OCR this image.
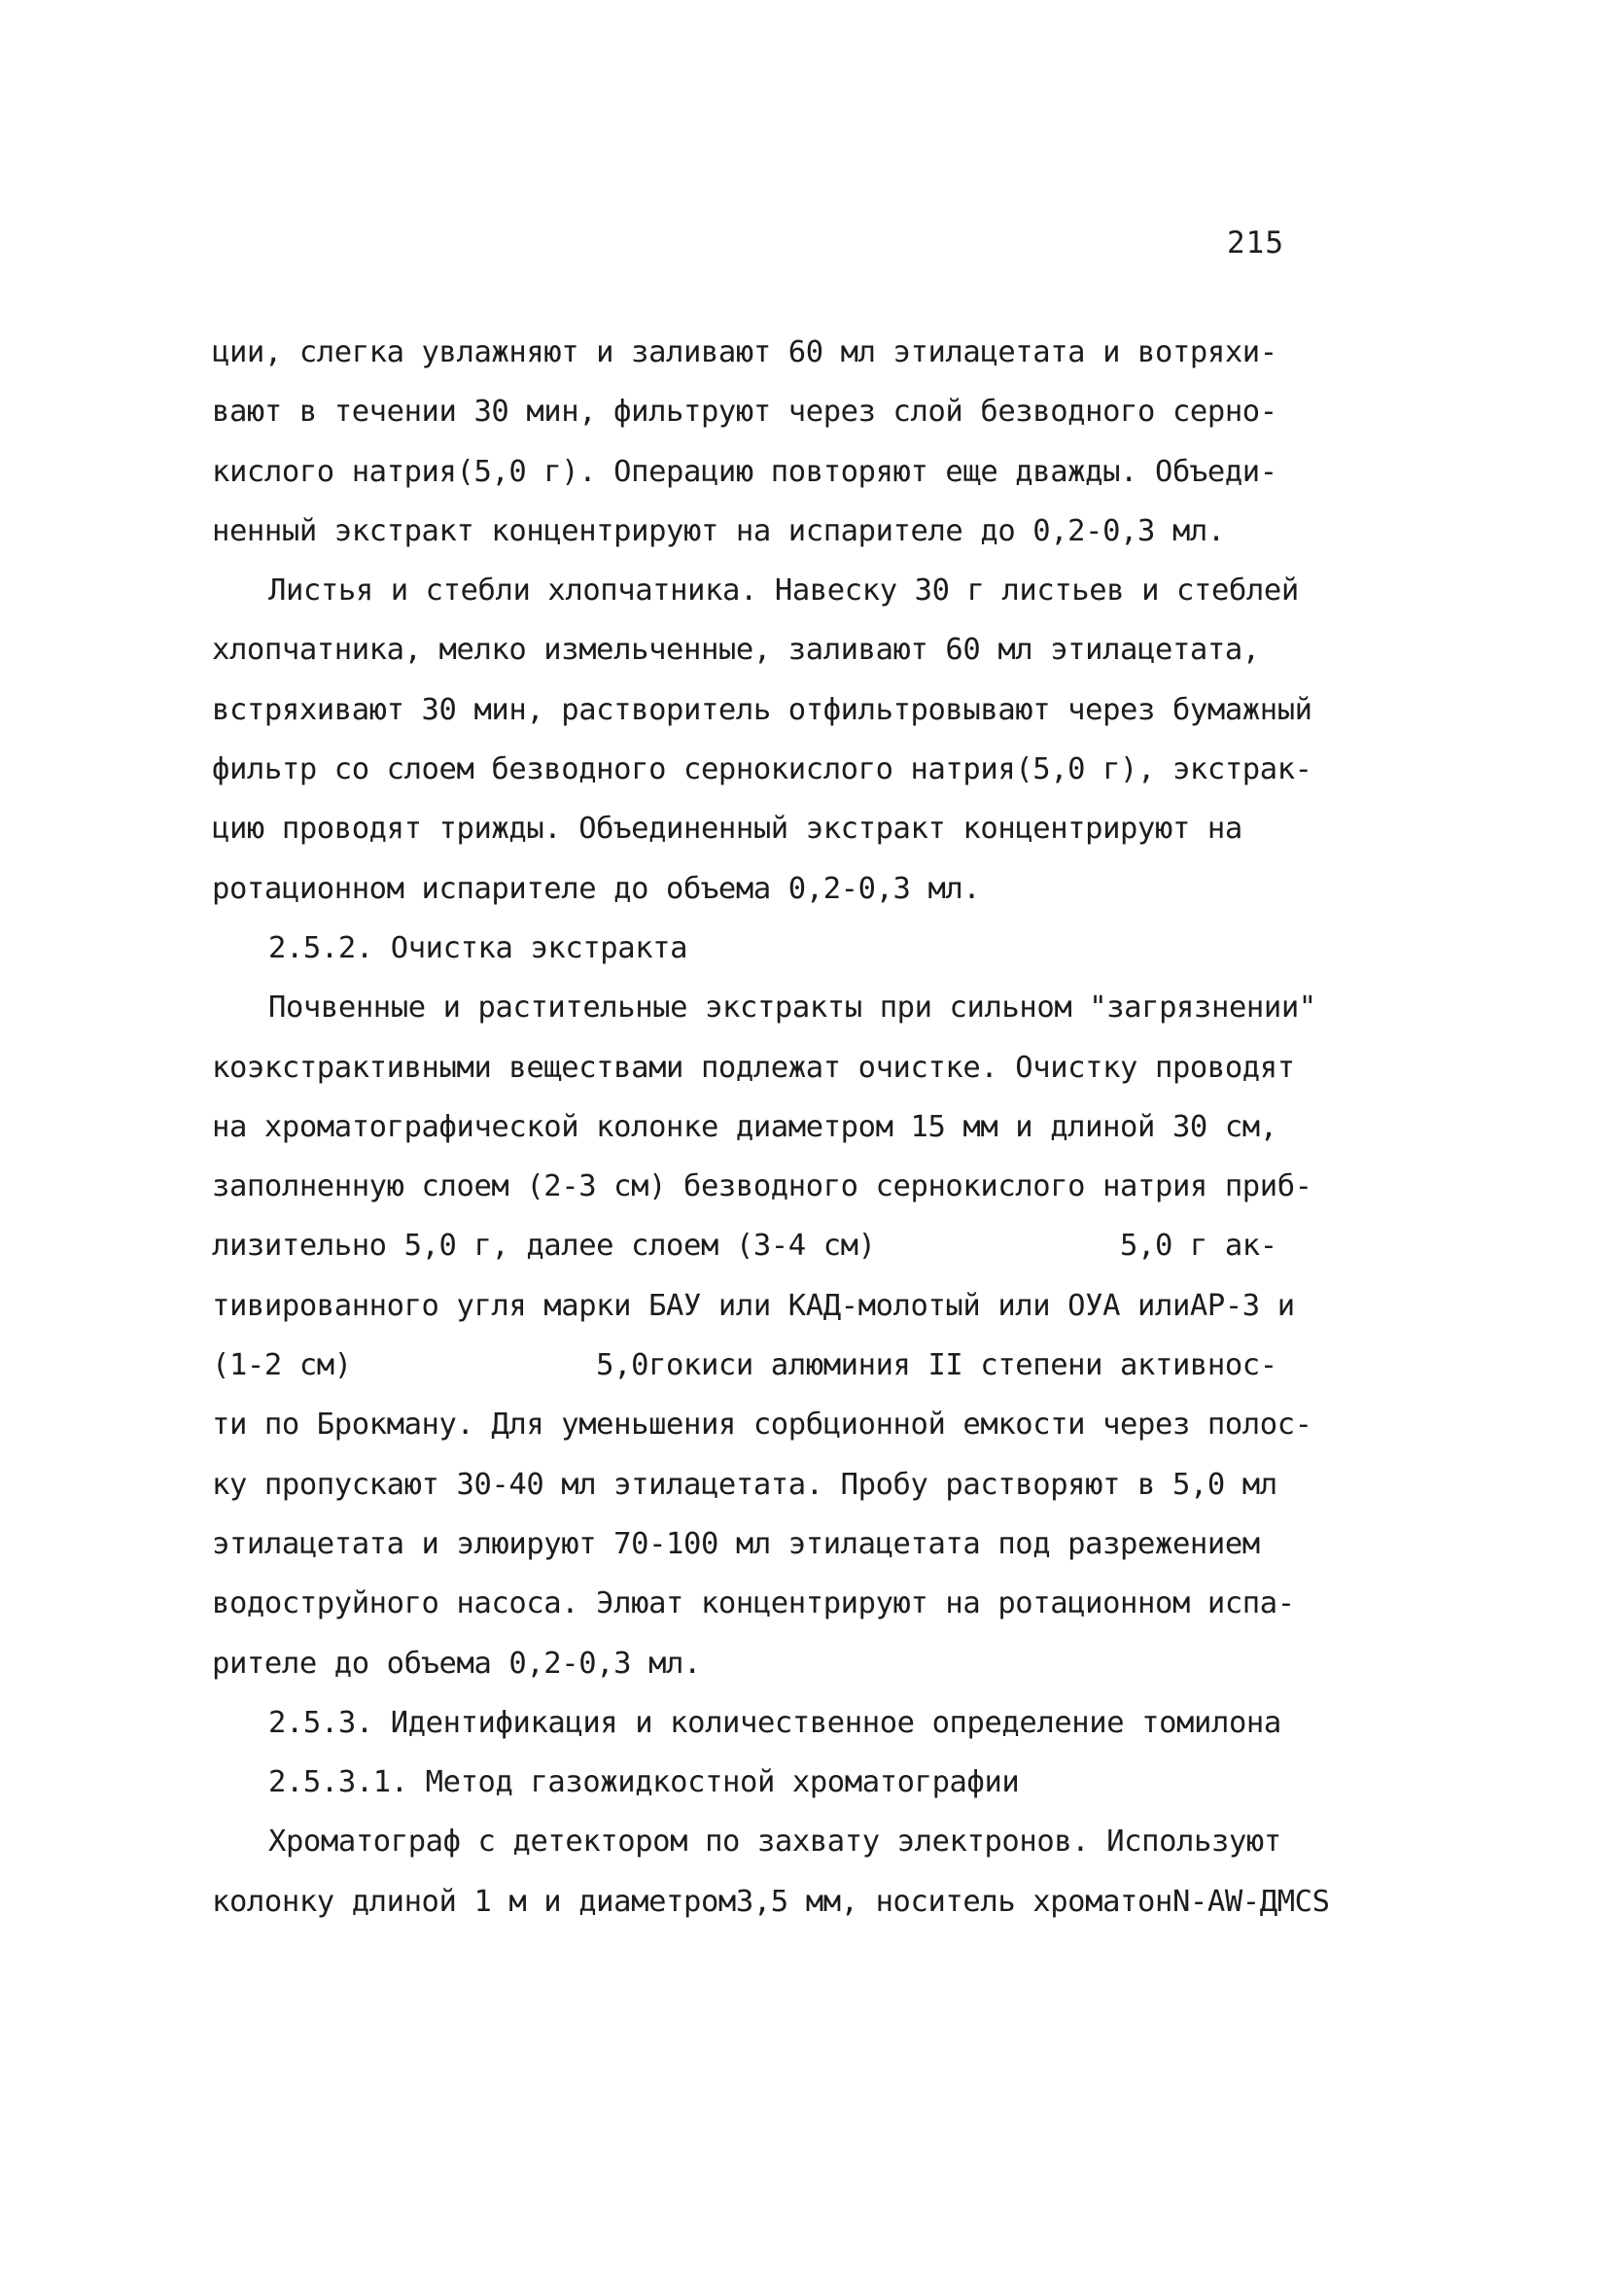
215
ции, слегка увлажняют и заливают 60 мл этилацетата и вотряхи-
вают в течении 30 мин, фильтруют через слой безводного серно-
кислого натрия(5,0 г). Операцию повторяют еще дважды. Объеди-
ненный экстракт концентрируют на испарителе до 0,2-0,3 мл.
Листья и стебли хлопчатника. Навеску 30 г листьев и стеблей
хлопчатника, мелко измельченные, заливают 60 мл этилацетата,
встряхивают 30 мин, растворитель отфильтровывают через бумажный
фильтр со слоем безводного сернокислого натрия(5,0 г), экстрак-
цию проводят трижды. Объединенный экстракт концентрируют на
ротационном испарителе до объема 0,2-0,3 мл.
2.5.2. Очистка экстракта
Почвенные и растительные экстракты при сильном "загрязнении"
коэкстрактивными веществами подлежат очистке. Очистку проводят
на хроматографической колонке диаметром 15 мм и длиной 30 см,
заполненную слоем (2-3 см) безводного сернокислого натрия приб-
лизительно 5,0 г, далее слоем (3-4 см)              5,0 г ак-
тивированного угля марки БАУ или КАД-молотый или ОУА илиАР-3 и
(1-2 см)              5,0гокиси алюминия II степени активнос-
ти по Брокману. Для уменьшения сорбционной емкости через полос-
ку пропускают 30-40 мл этилацетата. Пробу растворяют в 5,0 мл
этилацетата и элюируют 70-100 мл этилацетата под разрежением
водоструйного насоса. Элюат концентрируют на ротационном испа-
рителе до объема 0,2-0,3 мл.
2.5.3. Идентификация и количественное определение томилона
2.5.3.1. Метод газожидкостной хроматографии
Хроматограф с детектором по захвату электронов. Используют
колонку длиной 1 м и диаметром3,5 мм, носитель хроматонN-AW-ДМСS
